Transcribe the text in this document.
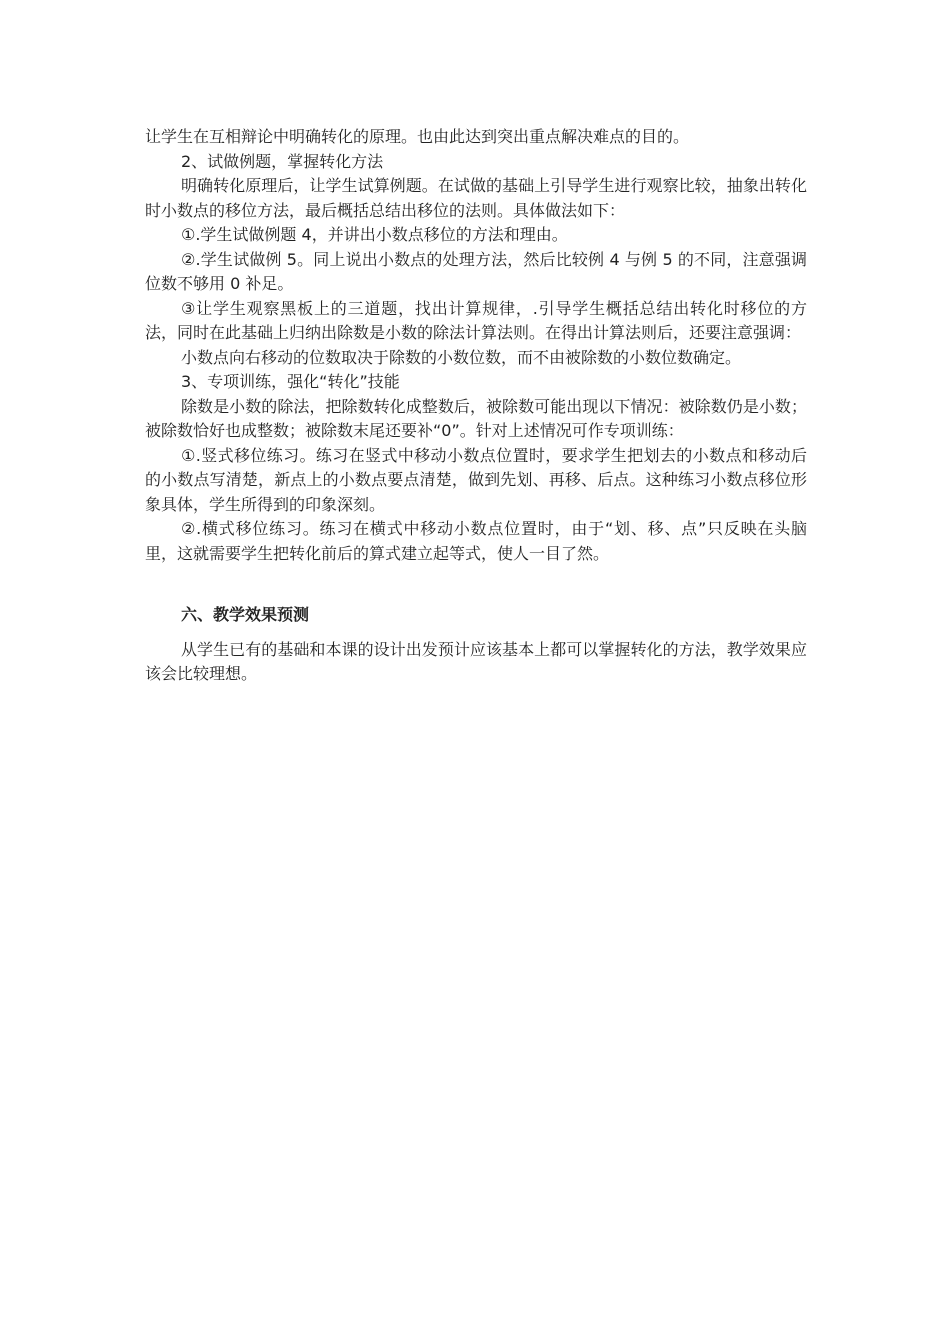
让学生在互相辩论中明确转化的原理。也由此达到突出重点解决难点的目的。

2、试做例题，掌握转化方法

明确转化原理后，让学生试算例题。在试做的基础上引导学生进行观察比较，抽象出转化时小数点的移位方法，最后概括总结出移位的法则。具体做法如下：

①.学生试做例题 4，并讲出小数点移位的方法和理由。

②.学生试做例 5。同上说出小数点的处理方法，然后比较例 4 与例 5 的不同，注意强调位数不够用 0 补足。

③让学生观察黑板上的三道题，找出计算规律，.引导学生概括总结出转化时移位的方法，同时在此基础上归纳出除数是小数的除法计算法则。在得出计算法则后，还要注意强调：

小数点向右移动的位数取决于除数的小数位数，而不由被除数的小数位数确定。

3、专项训练，强化“转化”技能

除数是小数的除法，把除数转化成整数后，被除数可能出现以下情况：被除数仍是小数；被除数恰好也成整数；被除数末尾还要补“0”。针对上述情况可作专项训练：

①.竖式移位练习。练习在竖式中移动小数点位置时，要求学生把划去的小数点和移动后的小数点写清楚，新点上的小数点要点清楚，做到先划、再移、后点。这种练习小数点移位形象具体，学生所得到的印象深刻。

②.横式移位练习。练习在横式中移动小数点位置时，由于“划、移、点”只反映在头脑里，这就需要学生把转化前后的算式建立起等式，使人一目了然。

六、教学效果预测

从学生已有的基础和本课的设计出发预计应该基本上都可以掌握转化的方法，教学效果应该会比较理想。
